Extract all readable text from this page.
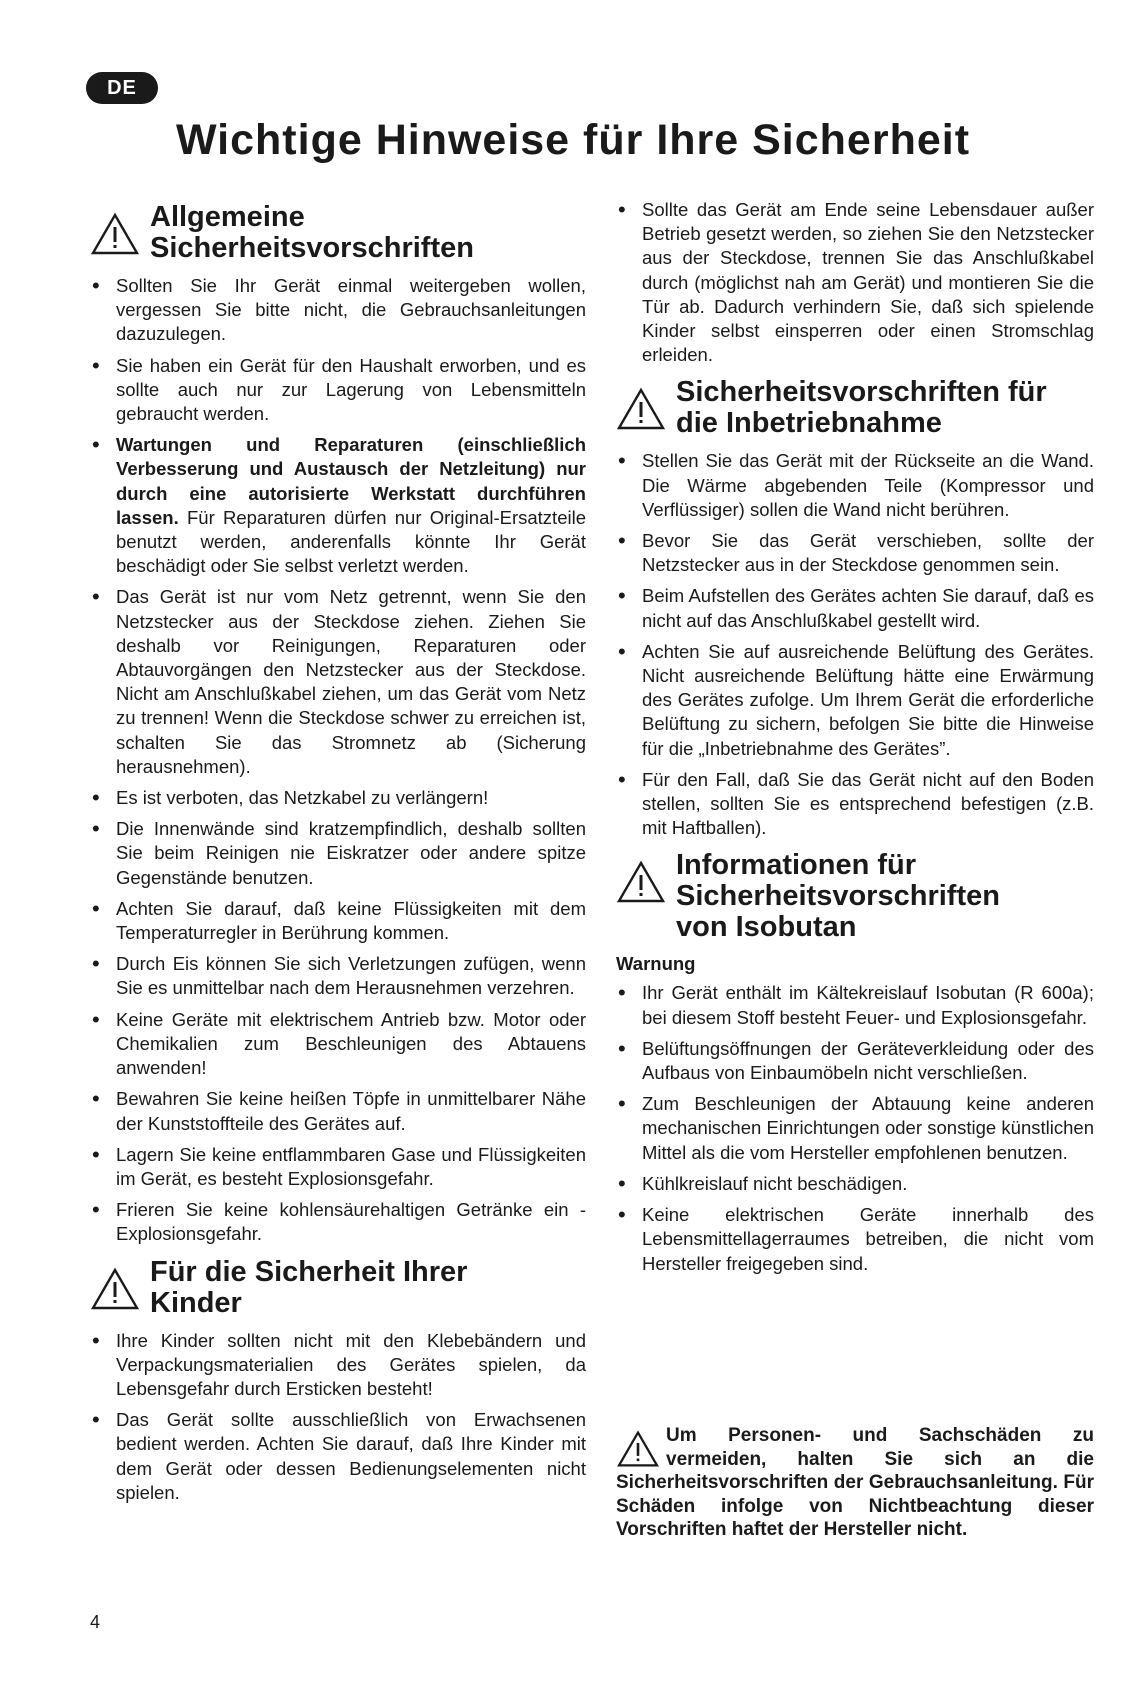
DE
Wichtige Hinweise für Ihre Sicherheit
Allgemeine
Sicherheitsvorschriften
• Sollten Sie Ihr Gerät einmal weitergeben wollen, vergessen Sie bitte nicht, die Gebrauchsanleitungen dazuzulegen.
• Sie haben ein Gerät für den Haushalt erworben, und es sollte auch nur zur Lagerung von Lebensmitteln gebraucht werden.
• Wartungen und Reparaturen (einschließlich Verbesserung und Austausch der Netzleitung) nur durch eine autorisierte Werkstatt durchführen lassen. Für Reparaturen dürfen nur Original-Ersatzteile benutzt werden, anderenfalls könnte Ihr Gerät beschädigt oder Sie selbst verletzt werden.
• Das Gerät ist nur vom Netz getrennt, wenn Sie den Netzstecker aus der Steckdose ziehen. Ziehen Sie deshalb vor Reinigungen, Reparaturen oder Abtauvorgängen den Netzstecker aus der Steckdose. Nicht am Anschlußkabel ziehen, um das Gerät vom Netz zu trennen! Wenn die Steckdose schwer zu erreichen ist, schalten Sie das Stromnetz ab (Sicherung herausnehmen).
• Es ist verboten, das Netzkabel zu verlängern!
• Die Innenwände sind kratzempfindlich, deshalb sollten Sie beim Reinigen nie Eiskratzer oder andere spitze Gegenstände benutzen.
• Achten Sie darauf, daß keine Flüssigkeiten mit dem Temperaturregler in Berührung kommen.
• Durch Eis können Sie sich Verletzungen zufügen, wenn Sie es unmittelbar nach dem Herausnehmen verzehren.
• Keine Geräte mit elektrischem Antrieb bzw. Motor oder Chemikalien zum Beschleunigen des Abtauens anwenden!
• Bewahren Sie keine heißen Töpfe in unmittelbarer Nähe der Kunststoffteile des Gerätes auf.
• Lagern Sie keine entflammbaren Gase und Flüssigkeiten im Gerät, es besteht Explosionsgefahr.
• Frieren Sie keine kohlensäurehaltigen Getränke ein - Explosionsgefahr.
Für die Sicherheit Ihrer
Kinder
• Ihre Kinder sollten nicht mit den Klebebändern und Verpackungsmaterialien des Gerätes spielen, da Lebensgefahr durch Ersticken besteht!
• Das Gerät sollte ausschließlich von Erwachsenen bedient werden. Achten Sie darauf, daß Ihre Kinder mit dem Gerät oder dessen Bedienungselementen nicht spielen.
• Sollte das Gerät am Ende seine Lebensdauer außer Betrieb gesetzt werden, so ziehen Sie den Netzstecker aus der Steckdose, trennen Sie das Anschlußkabel durch (möglichst nah am Gerät) und montieren Sie die Tür ab. Dadurch verhindern Sie, daß sich spielende Kinder selbst einsperren oder einen Stromschlag erleiden.
Sicherheitsvorschriften für
die Inbetriebnahme
• Stellen Sie das Gerät mit der Rückseite an die Wand. Die Wärme abgebenden Teile (Kompressor und Verflüssiger) sollen die Wand nicht berühren.
• Bevor Sie das Gerät verschieben, sollte der Netzstecker aus in der Steckdose genommen sein.
• Beim Aufstellen des Gerätes achten Sie darauf, daß es nicht auf das Anschlußkabel gestellt wird.
• Achten Sie auf ausreichende Belüftung des Gerätes. Nicht ausreichende Belüftung hätte eine Erwärmung des Gerätes zufolge. Um Ihrem Gerät die erforderliche Belüftung zu sichern, befolgen Sie bitte die Hinweise für die „Inbetriebnahme des Gerätes”.
• Für den Fall, daß Sie das Gerät nicht auf den Boden stellen, sollten Sie es entsprechend befestigen (z.B. mit Haftballen).
Informationen für
Sicherheitsvorschriften
von Isobutan
Warnung
• Ihr Gerät enthält im Kältekreislauf Isobutan (R 600a); bei diesem Stoff besteht Feuer- und Explosionsgefahr.
• Belüftungsöffnungen der Geräteverkleidung oder des Aufbaus von Einbaumöbeln nicht verschließen.
• Zum Beschleunigen der Abtauung keine anderen mechanischen Einrichtungen oder sonstige künstlichen Mittel als die vom Hersteller empfohlenen benutzen.
• Kühlkreislauf nicht beschädigen.
• Keine elektrischen Geräte innerhalb des Lebensmittellagerraumes betreiben, die nicht vom Hersteller freigegeben sind.
Um Personen- und Sachschäden zu vermeiden, halten Sie sich an die Sicherheitsvorschriften der Gebrauchsanleitung. Für Schäden infolge von Nichtbeachtung dieser Vorschriften haftet der Hersteller nicht.
4
